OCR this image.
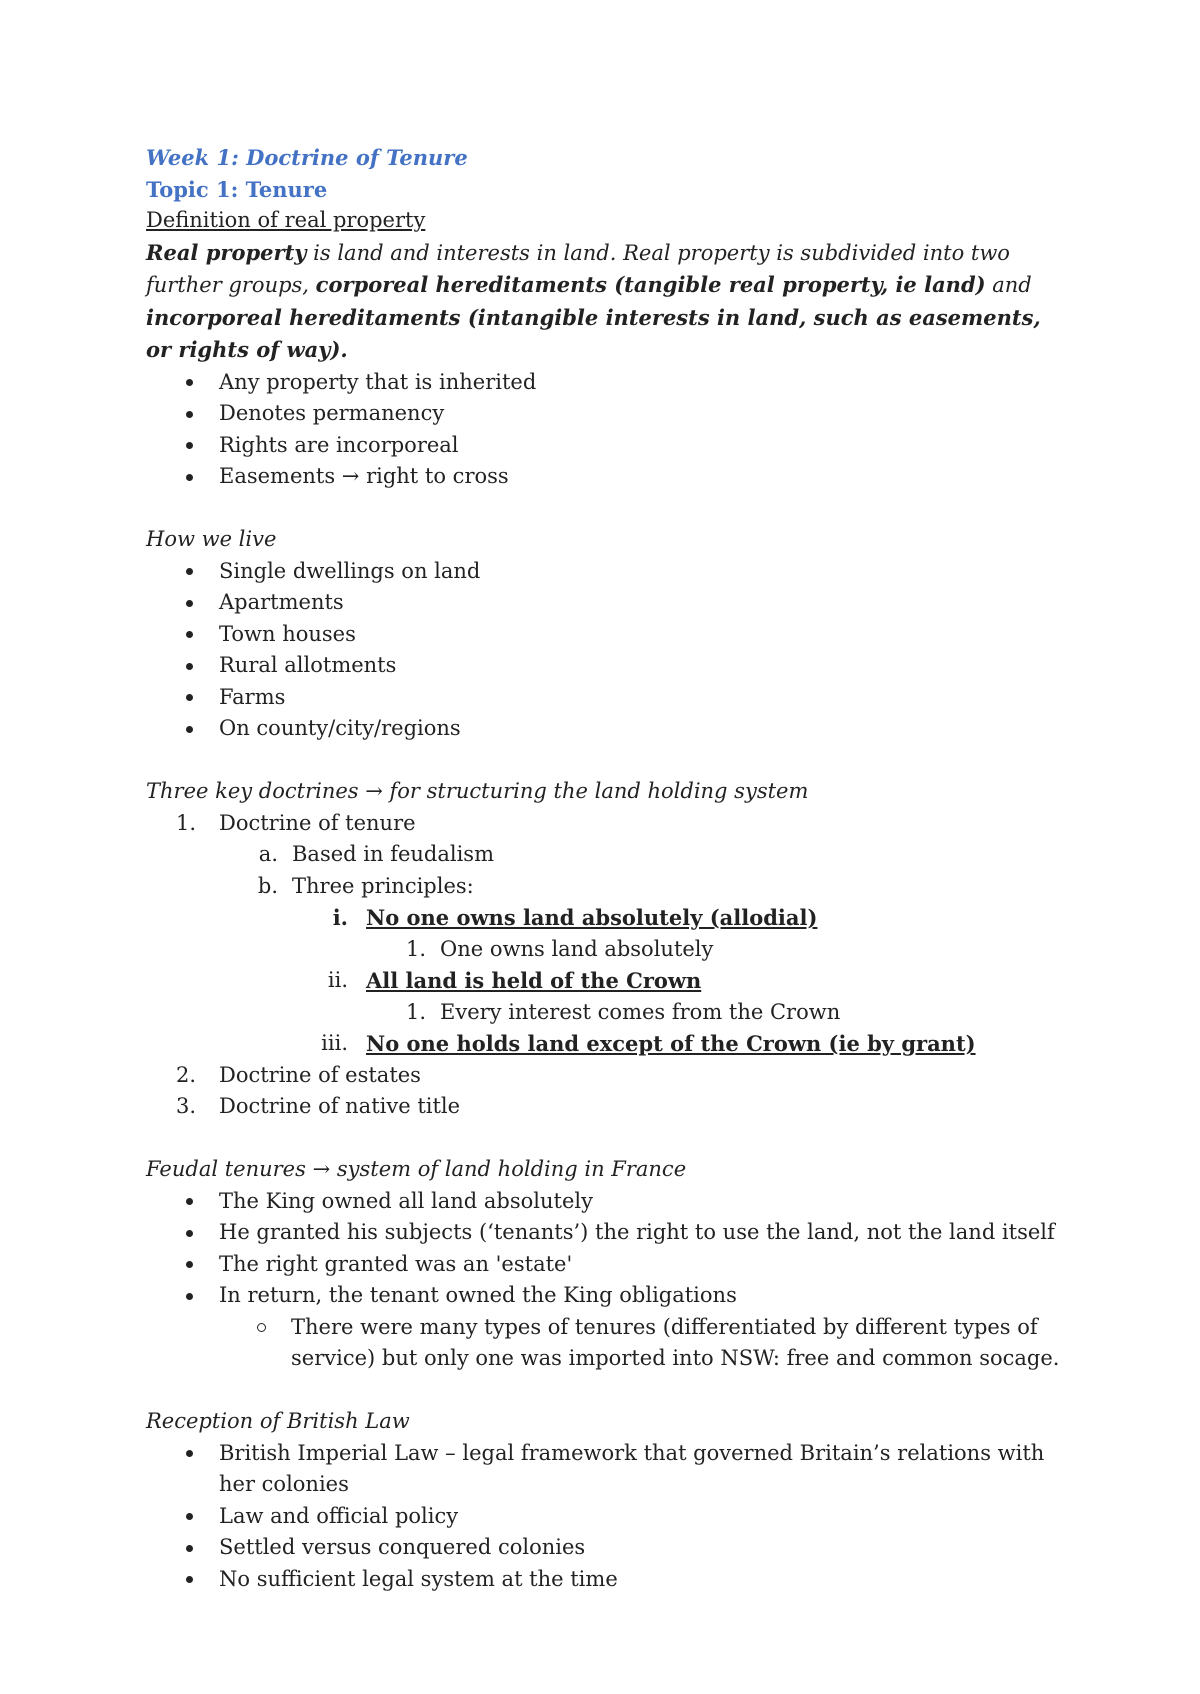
Week 1: Doctrine of Tenure
Topic 1: Tenure
Definition of real property
Real property is land and interests in land. Real property is subdivided into two further groups, corporeal hereditaments (tangible real property, ie land) and incorporeal hereditaments (intangible interests in land, such as easements, or rights of way).
Any property that is inherited
Denotes permanency
Rights are incorporeal
Easements → right to cross
How we live
Single dwellings on land
Apartments
Town houses
Rural allotments
Farms
On county/city/regions
Three key doctrines → for structuring the land holding system
1. Doctrine of tenure
a. Based in feudalism
b. Three principles:
i. No one owns land absolutely (allodial)
1. One owns land absolutely
ii. All land is held of the Crown
1. Every interest comes from the Crown
iii. No one holds land except of the Crown (ie by grant)
2. Doctrine of estates
3. Doctrine of native title
Feudal tenures → system of land holding in France
The King owned all land absolutely
He granted his subjects (‘tenants’) the right to use the land, not the land itself
The right granted was an 'estate'
In return, the tenant owned the King obligations
There were many types of tenures (differentiated by different types of service) but only one was imported into NSW: free and common socage.
Reception of British Law
British Imperial Law – legal framework that governed Britain’s relations with her colonies
Law and official policy
Settled versus conquered colonies
No sufficient legal system at the time
